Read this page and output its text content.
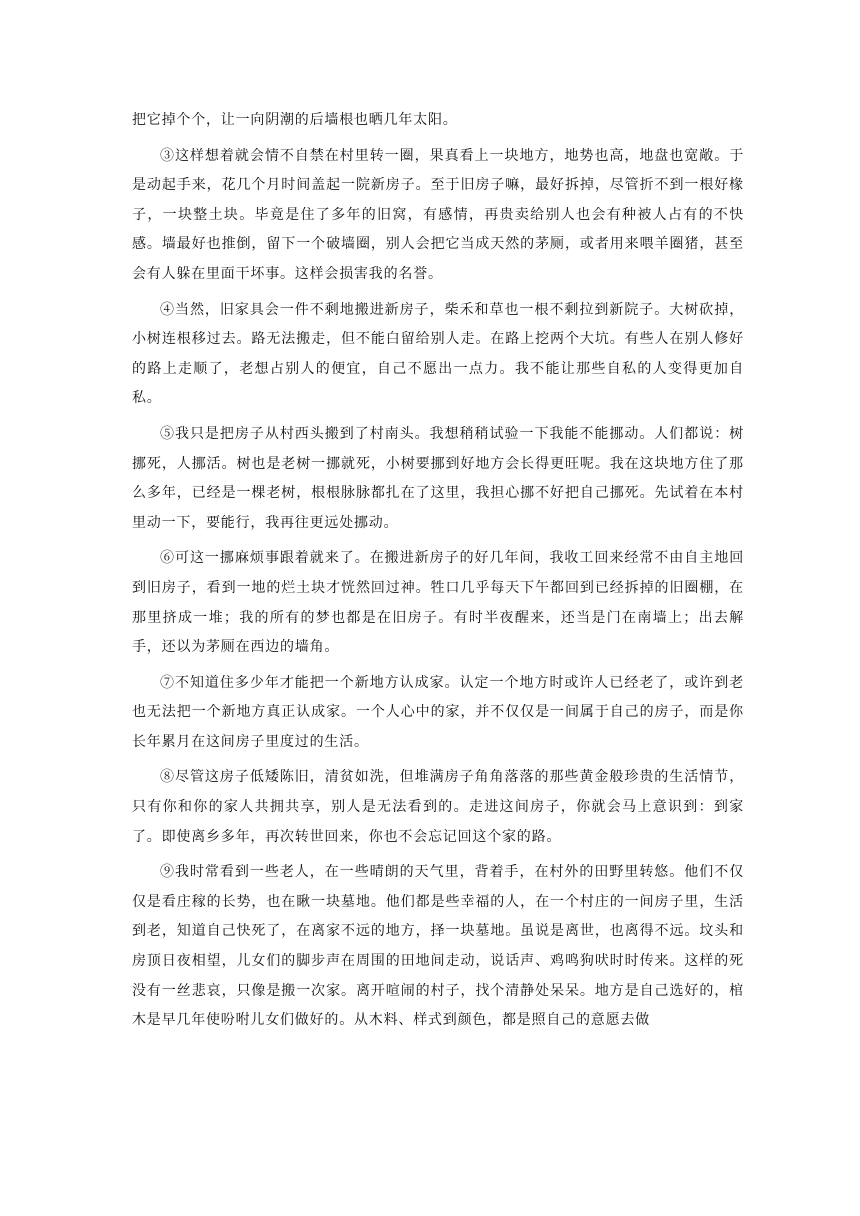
把它掉个个，让一向阴潮的后墙根也晒几年太阳。

③这样想着就会情不自禁在村里转一圈，果真看上一块地方，地势也高，地盘也宽敞。于是动起手来，花几个月时间盖起一院新房子。至于旧房子嘛，最好拆掉，尽管折不到一根好椽子，一块整土块。毕竟是住了多年的旧窝，有感情，再贵卖给别人也会有种被人占有的不快感。墙最好也推倒，留下一个破墙圈，别人会把它当成天然的茅厕，或者用来喂羊圈猪，甚至会有人躲在里面干坏事。这样会损害我的名誉。

④当然，旧家具会一件不剩地搬进新房子，柴禾和草也一根不剩拉到新院子。大树砍掉，小树连根移过去。路无法搬走，但不能白留给别人走。在路上挖两个大坑。有些人在别人修好的路上走顺了，老想占别人的便宜，自己不愿出一点力。我不能让那些自私的人变得更加自私。

⑤我只是把房子从村西头搬到了村南头。我想稍稍试验一下我能不能挪动。人们都说：树挪死，人挪活。树也是老树一挪就死，小树要挪到好地方会长得更旺呢。我在这块地方住了那么多年，已经是一棵老树，根根脉脉都扎在了这里，我担心挪不好把自己挪死。先试着在本村里动一下，要能行，我再往更远处挪动。

⑥可这一挪麻烦事跟着就来了。在搬进新房子的好几年间，我收工回来经常不由自主地回到旧房子，看到一地的烂土块才恍然回过神。牲口几乎每天下午都回到已经拆掉的旧圈棚，在那里挤成一堆；我的所有的梦也都是在旧房子。有时半夜醒来，还当是门在南墙上；出去解手，还以为茅厕在西边的墙角。

⑦不知道住多少年才能把一个新地方认成家。认定一个地方时或许人已经老了，或许到老也无法把一个新地方真正认成家。一个人心中的家，并不仅仅是一间属于自己的房子，而是你长年累月在这间房子里度过的生活。

⑧尽管这房子低矮陈旧，清贫如洗，但堆满房子角角落落的那些黄金般珍贵的生活情节，只有你和你的家人共拥共享，别人是无法看到的。走进这间房子，你就会马上意识到：到家了。即使离乡多年，再次转世回来，你也不会忘记回这个家的路。

⑨我时常看到一些老人，在一些晴朗的天气里，背着手，在村外的田野里转悠。他们不仅仅是看庄稼的长势，也在瞅一块墓地。他们都是些幸福的人，在一个村庄的一间房子里，生活到老，知道自己快死了，在离家不远的地方，择一块墓地。虽说是离世，也离得不远。坟头和房顶日夜相望，儿女们的脚步声在周围的田地间走动，说话声、鸡鸣狗吠时时传来。这样的死没有一丝悲哀，只像是搬一次家。离开喧闹的村子，找个清静处呆呆。地方是自己选好的，棺木是早几年使吩咐儿女们做好的。从木料、样式到颜色，都是照自己的意愿去做
